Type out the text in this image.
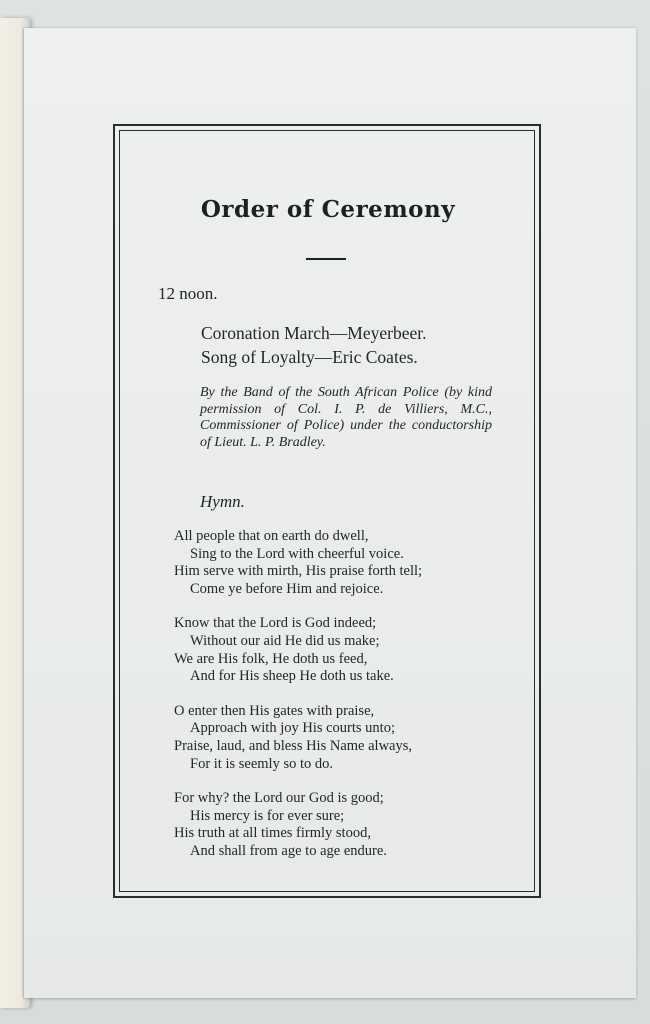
Order of Ceremony
12 noon.
Coronation March—Meyerbeer.
Song of Loyalty—Eric Coates.
By the Band of the South African Police (by kind permission of Col. I. P. de Villiers, M.C., Commissioner of Police) under the conductorship of Lieut. L. P. Bradley.
Hymn.
All people that on earth do dwell,
Sing to the Lord with cheerful voice.
Him serve with mirth, His praise forth tell;
Come ye before Him and rejoice.
Know that the Lord is God indeed;
Without our aid He did us make;
We are His folk, He doth us feed,
And for His sheep He doth us take.
O enter then His gates with praise,
Approach with joy His courts unto;
Praise, laud, and bless His Name always,
For it is seemly so to do.
For why? the Lord our God is good;
His mercy is for ever sure;
His truth at all times firmly stood,
And shall from age to age endure.
